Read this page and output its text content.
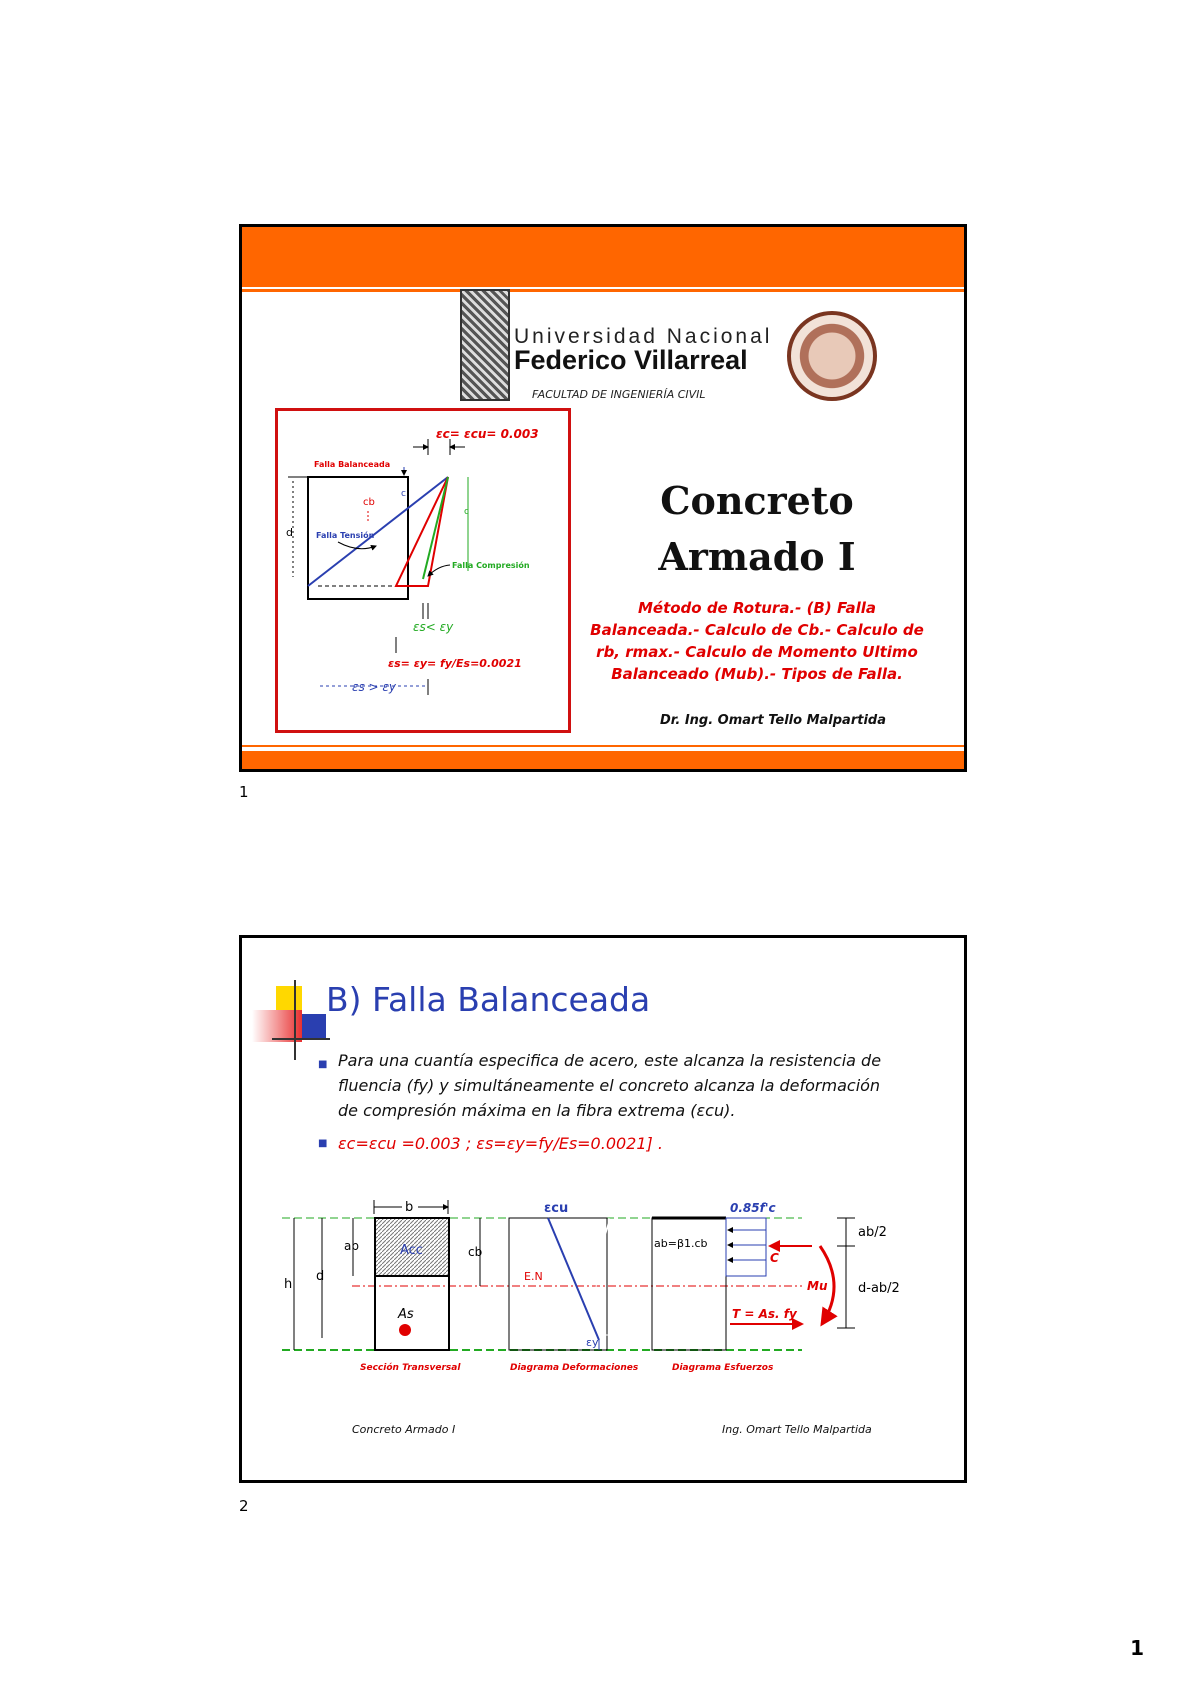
Universidad Nacional
Federico Villarreal
FACULTAD DE INGENIERÍA CIVIL
εc= εcu= 0.003
Falla Balanceada
d
c
cb
Falla Tensión
c
Falla Compresión
εs< εy
εs= εy= fy/Es=0.0021
εs > εy
Concreto
Armado I
Método de Rotura.- (B) Falla Balanceada.- Calculo de Cb.- Calculo de rb, rmax.- Calculo de Momento Ultimo Balanceado (Mub).- Tipos de Falla.
Dr. Ing. Omart Tello Malpartida
1
B) Falla Balanceada
■ Para una cuantía especifica de acero, este alcanza la resistencia de fluencia (fy) y simultáneamente el concreto alcanza la deformación de compresión máxima en la fibra extrema (εcu).
■ εc=εcu =0.003 ; εs=εy=fy/Es=0.0021] .
b
Acc
As
h
d
ab
Sección Transversal
εcu
E.N
cb
εy
Diagrama Deformaciones
0.85f'c
ab=β1.cb
C
T = As. fy
Mu
ab/2
d-ab/2
Diagrama Esfuerzos
Concreto Armado I	Ing. Omart Tello Malpartida
2
1
